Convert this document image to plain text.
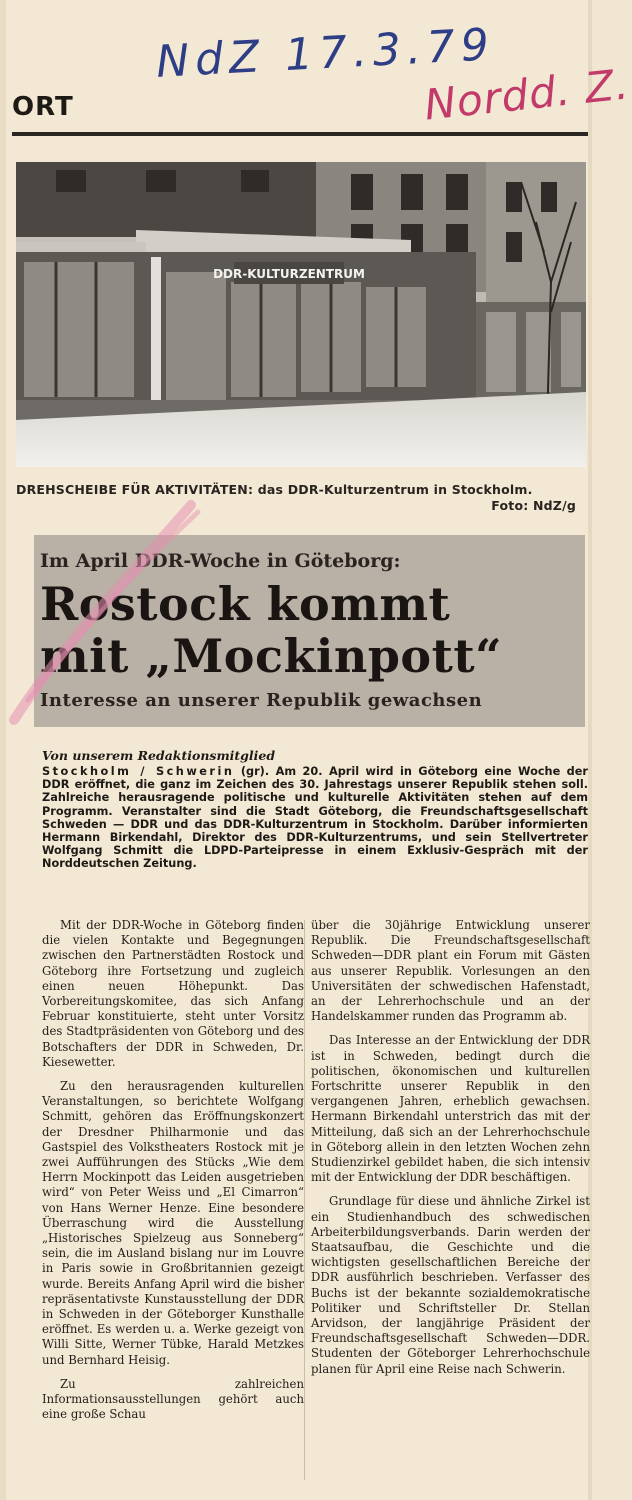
NdZ 17.3.79
Nordd. Z.
ORT
DDR-KULTURZENTRUM
DREHSCHEIBE FÜR AKTIVITÄTEN: das DDR-Kulturzentrum in Stockholm.
Foto: NdZ/g
Im April DDR-Woche in Göteborg:
Rostock kommt
mit „Mockinpott“
Interesse an unserer Republik gewachsen
Von unserem Redaktionsmitglied
Stockholm / Schwerin (gr). Am 20. April wird in Göteborg eine Woche der DDR eröffnet, die ganz im Zeichen des 30. Jahrestags unserer Republik stehen soll. Zahlreiche herausragende politische und kulturelle Aktivitäten stehen auf dem Programm. Veranstalter sind die Stadt Göteborg, die Freundschaftsgesellschaft Schweden — DDR und das DDR-Kulturzentrum in Stockholm. Darüber informierten Hermann Birkendahl, Direktor des DDR-Kulturzentrums, und sein Stellvertreter Wolfgang Schmitt die LDPD-Parteipresse in einem Exklusiv-Gespräch mit der Norddeutschen Zeitung.

Mit der DDR-Woche in Göteborg finden die vielen Kontakte und Begegnungen zwischen den Partnerstädten Rostock und Göteborg ihre Fortsetzung und zugleich einen neuen Höhepunkt. Das Vorbereitungskomitee, das sich Anfang Februar konstituierte, steht unter Vorsitz des Stadtpräsidenten von Göteborg und des Botschafters der DDR in Schweden, Dr. Kiesewetter.

Zu den herausragenden kulturellen Veranstaltungen, so berichtete Wolfgang Schmitt, gehören das Eröffnungskonzert der Dresdner Philharmonie und das Gastspiel des Volkstheaters Rostock mit je zwei Aufführungen des Stücks „Wie dem Herrn Mockinpott das Leiden ausgetrieben wird“ von Peter Weiss und „El Cimarron“ von Hans Werner Henze. Eine besondere Überraschung wird die Ausstellung „Historisches Spielzeug aus Sonneberg“ sein, die im Ausland bislang nur im Louvre in Paris sowie in Großbritannien gezeigt wurde. Bereits Anfang April wird die bisher repräsentativste Kunstausstellung der DDR in Schweden in der Göteborger Kunsthalle eröffnet. Es werden u. a. Werke gezeigt von Willi Sitte, Werner Tübke, Harald Metzkes und Bernhard Heisig.

Zu zahlreichen Informationsausstellungen gehört auch eine große Schau

über die 30jährige Entwicklung unserer Republik. Die Freundschaftsgesellschaft Schweden—DDR plant ein Forum mit Gästen aus unserer Republik. Vorlesungen an den Universitäten der schwedischen Hafenstadt, an der Lehrerhochschule und an der Handelskammer runden das Programm ab.

Das Interesse an der Entwicklung der DDR ist in Schweden, bedingt durch die politischen, ökonomischen und kulturellen Fortschritte unserer Republik in den vergangenen Jahren, erheblich gewachsen. Hermann Birkendahl unterstrich das mit der Mitteilung, daß sich an der Lehrerhochschule in Göteborg allein in den letzten Wochen zehn Studienzirkel gebildet haben, die sich intensiv mit der Entwicklung der DDR beschäftigen.

Grundlage für diese und ähnliche Zirkel ist ein Studienhandbuch des schwedischen Arbeiterbildungsverbands. Darin werden der Staatsaufbau, die Geschichte und die wichtigsten gesellschaftlichen Bereiche der DDR ausführlich beschrieben. Verfasser des Buchs ist der bekannte sozialdemokratische Politiker und Schriftsteller Dr. Stellan Arvidson, der langjährige Präsident der Freundschaftsgesellschaft Schweden—DDR. Studenten der Göteborger Lehrerhochschule planen für April eine Reise nach Schwerin.
